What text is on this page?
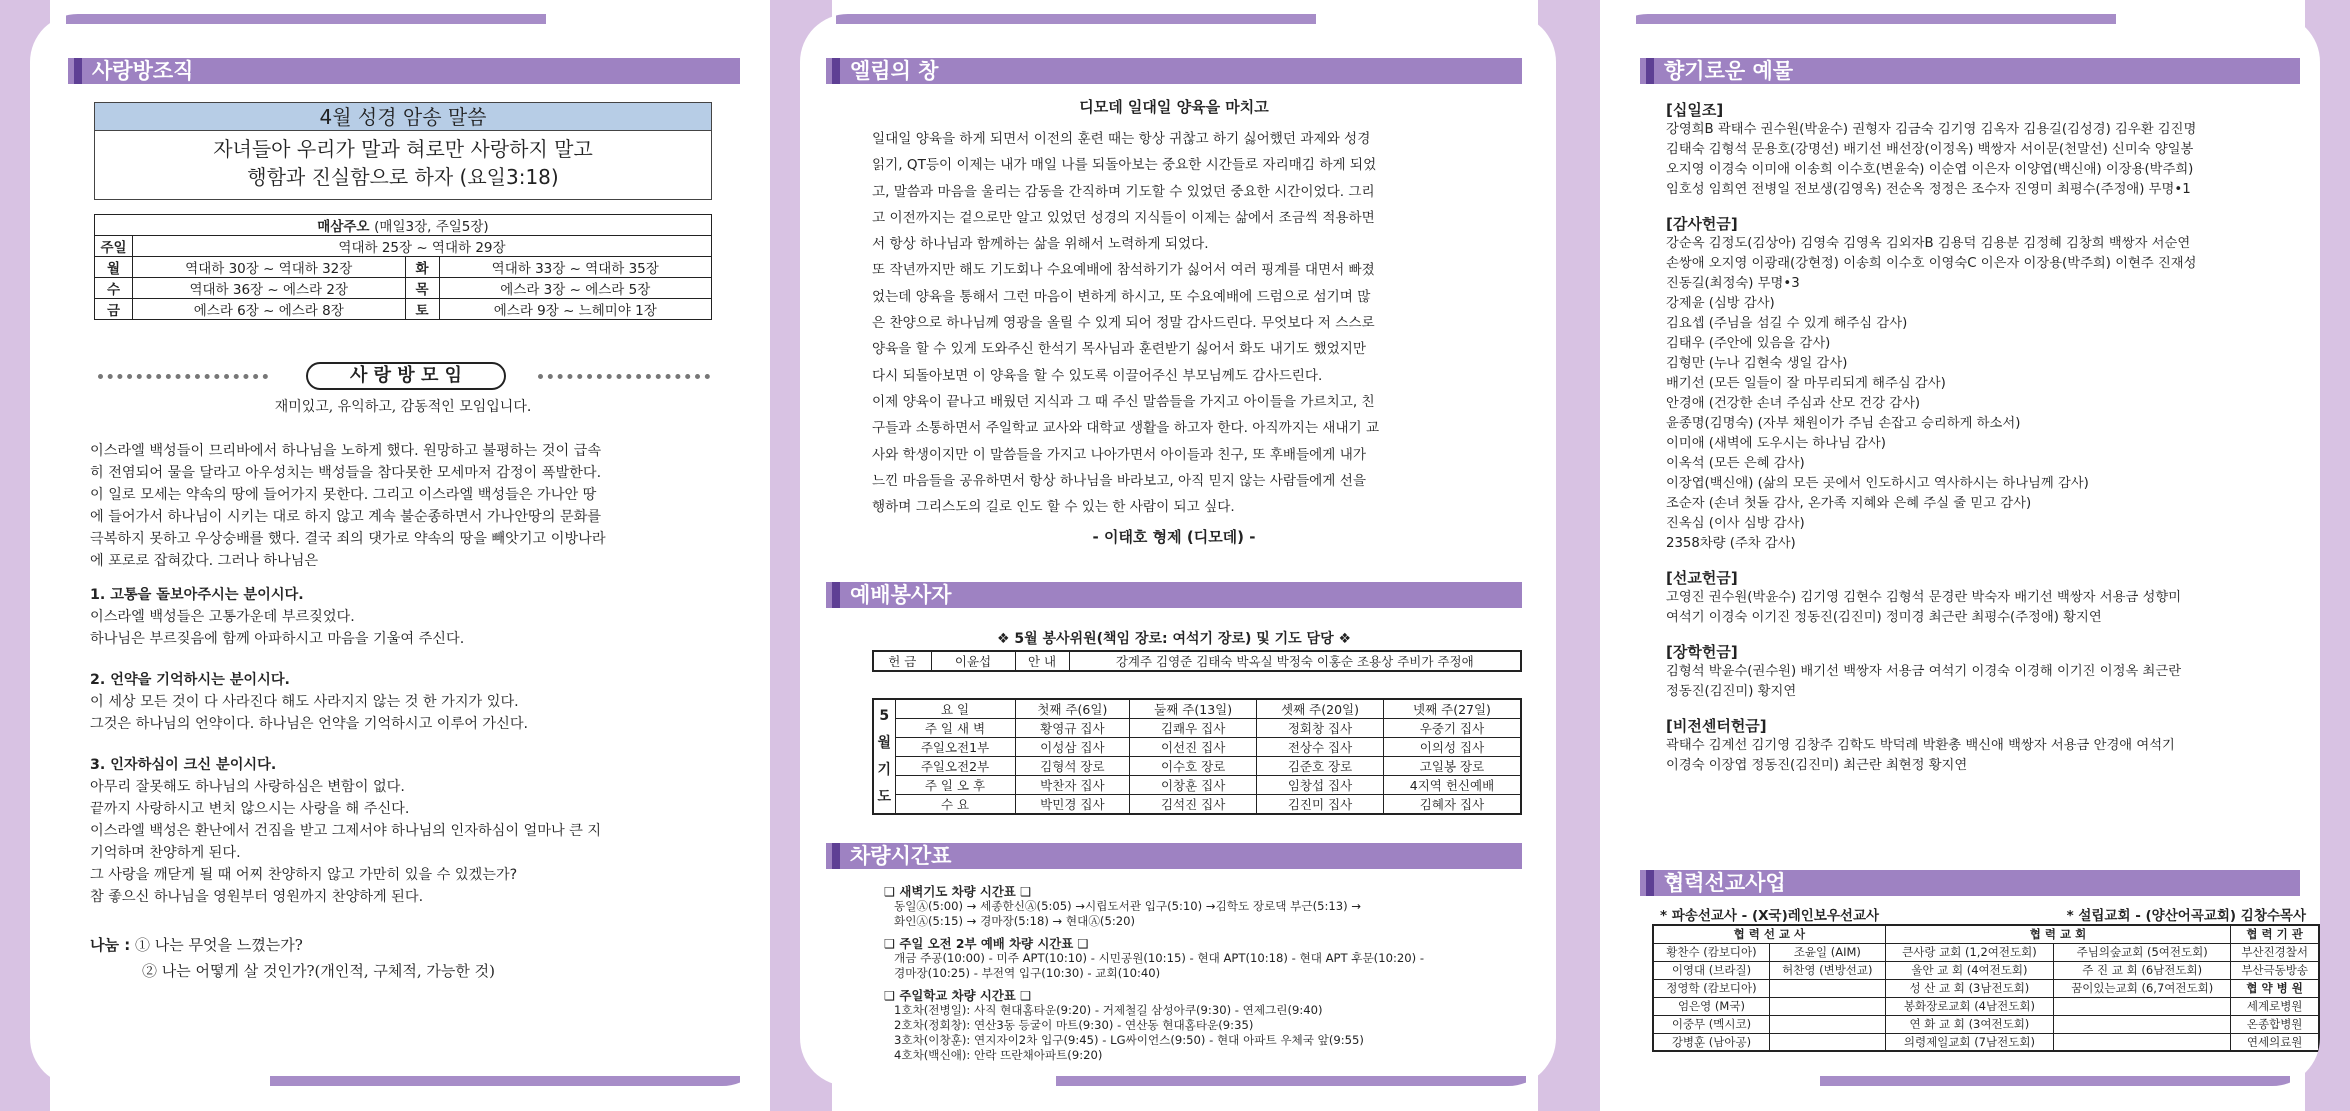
사랑방조직
4월 성경 암송 말씀
자녀들아 우리가 말과 혀로만 사랑하지 말고
행함과 진실함으로 하자 (요일3:18)
매삼주오 (매일3장, 주일5장)			
주일	역대하 25장 ~ 역대하 29장		
월	역대하 30장 ~ 역대하 32장	화	역대하 33장 ~ 역대하 35장
수	역대하 36장 ~ 에스라 2장	목	에스라 3장 ~ 에스라 5장
금	에스라 6장 ~ 에스라 8장	토	에스라 9장 ~ 느헤미야 1장
사 랑 방 모 임
재미있고, 유익하고, 감동적인 모임입니다.
이스라엘 백성들이 므리바에서 하나님을 노하게 했다. 원망하고 불평하는 것이 급속
히 전염되어 물을 달라고 아우성치는 백성들을 참다못한 모세마저 감정이 폭발한다.
이 일로 모세는 약속의 땅에 들어가지 못한다. 그리고 이스라엘 백성들은 가나안 땅
에 들어가서 하나님이 시키는 대로 하지 않고 계속 불순종하면서 가나안땅의 문화를
극복하지 못하고 우상숭배를 했다. 결국 죄의 댓가로 약속의 땅을 빼앗기고 이방나라
에 포로로 잡혀갔다. 그러나 하나님은
1. 고통을 돌보아주시는 분이시다.
이스라엘 백성들은 고통가운데 부르짖었다.
하나님은 부르짖음에 함께 아파하시고 마음을 기울여 주신다.
2. 언약을 기억하시는 분이시다.
이 세상 모든 것이 다 사라진다 해도 사라지지 않는 것 한 가지가 있다.
그것은 하나님의 언약이다. 하나님은 언약을 기억하시고 이루어 가신다.
3. 인자하심이 크신 분이시다.
아무리 잘못해도 하나님의 사랑하심은 변함이 없다.
끝까지 사랑하시고 변치 않으시는 사랑을 해 주신다.
이스라엘 백성은 환난에서 건짐을 받고 그제서야 하나님의 인자하심이 얼마나 큰 지
기억하며 찬양하게 된다.
그 사랑을 깨닫게 될 때 어찌 찬양하지 않고 가만히 있을 수 있겠는가?
참 좋으신 하나님을 영원부터 영원까지 찬양하게 된다.
나눔 : ① 나는 무엇을 느꼈는가?
② 나는 어떻게 살 것인가?(개인적, 구체적, 가능한 것)
엘림의 창
디모데 일대일 양육을 마치고
일대일 양육을 하게 되면서 이전의 훈련 때는 항상 귀찮고 하기 싫어했던 과제와 성경
읽기, QT등이 이제는 내가 매일 나를 되돌아보는 중요한 시간들로 자리매김 하게 되었
고, 말씀과 마음을 울리는 감동을 간직하며 기도할 수 있었던 중요한 시간이었다. 그리
고 이전까지는 겉으로만 알고 있었던 성경의 지식들이 이제는 삶에서 조금씩 적용하면
서 항상 하나님과 함께하는 삶을 위해서 노력하게 되었다.
또 작년까지만 해도 기도회나 수요예배에 참석하기가 싫어서 여러 핑계를 대면서 빠졌
었는데 양육을 통해서 그런 마음이 변하게 하시고, 또 수요예배에 드럼으로 섬기며 많
은 찬양으로 하나님께 영광을 올릴 수 있게 되어 정말 감사드린다. 무엇보다 저 스스로
양육을 할 수 있게 도와주신 한석기 목사님과 훈련받기 싫어서 화도 내기도 했었지만
다시 되돌아보면 이 양육을 할 수 있도록 이끌어주신 부모님께도 감사드린다.
이제 양육이 끝나고 배웠던 지식과 그 때 주신 말씀들을 가지고 아이들을 가르치고, 친
구들과 소통하면서 주일학교 교사와 대학교 생활을 하고자 한다. 아직까지는 새내기 교
사와 학생이지만 이 말씀들을 가지고 나아가면서 아이들과 친구, 또 후배들에게 내가
느낀 마음들을 공유하면서 항상 하나님을 바라보고, 아직 믿지 않는 사람들에게 선을
행하며 그리스도의 길로 인도 할 수 있는 한 사람이 되고 싶다.
- 이태호 형제 (디모데) -
예배봉사자
❖ 5월 봉사위원(책임 장로: 여석기 장로) 및 기도 담당 ❖
헌 금	이윤섭	안 내	강계주 김영준 김태숙 박옥실 박정숙 이홍순 조용상 주비가 주정애
5
월
기
도	요 일	첫째 주(6일)	둘째 주(13일)	셋째 주(20일)	넷째 주(27일)
	주 일 새 벽	황영규 집사	김쾌우 집사	정회창 집사	우중기 집사
	주일오전1부	이성삼 집사	이선진 집사	전상수 집사	이의성 집사
	주일오전2부	김형석 장로	이수호 장로	김준호 장로	고일봉 장로
	주 일 오 후	박찬자 집사	이창훈 집사	임창섭 집사	4지역 헌신예배
	수 요	박민경 집사	김석진 집사	김진미 집사	김혜자 집사
차량시간표
❑ 새벽기도 차량 시간표 ❑
동일Ⓐ(5:00) → 세종한신Ⓐ(5:05) →시립도서관 입구(5:10) →김학도 장로댁 부근(5:13) →
화인Ⓐ(5:15) → 경마장(5:18) → 현대Ⓐ(5:20)
❑ 주일 오전 2부 예배 차량 시간표 ❑
개금 주공(10:00) - 미주 APT(10:10) - 시민공원(10:15) - 현대 APT(10:18) - 현대 APT 후문(10:20) -
경마장(10:25) - 부전역 입구(10:30) - 교회(10:40)
❑ 주일학교 차량 시간표 ❑
1호차(전병일): 사직 현대홈타운(9:20) - 거제철길 삼성아쿠(9:30) - 연제그린(9:40)
2호차(정회창): 연산3동 등굴이 마트(9:30) - 연산동 현대홈타운(9:35)
3호차(이창훈): 연지자이2차 입구(9:45) - LG싸이언스(9:50) - 현대 아파트 우체국 앞(9:55)
4호차(백신애): 안락 뜨란채아파트(9:20)
향기로운 예물
[십일조]
강영희B 곽태수 권수원(박윤수) 권형자 김금숙 김기영 김옥자 김용길(김성경) 김우환 김진명
김태숙 김형석 문용호(강명선) 배기선 배선장(이정옥) 백쌍자 서이문(천말선) 신미숙 양일봉
오지영 이경숙 이미애 이송희 이수호(변윤숙) 이순엽 이은자 이양엽(백신애) 이장용(박주희)
임호성 임희연 전병일 전보생(김영옥) 전순옥 정정은 조수자 진영미 최평수(주정애) 무명•1
[감사헌금]
강순옥 김정도(김상아) 김영숙 김영옥 김외자B 김용덕 김용분 김정혜 김창희 백쌍자 서순연
손쌍애 오지영 이광래(강현정) 이송희 이수호 이영숙C 이은자 이장용(박주희) 이현주 진재성
진동길(최정숙) 무명•3
강제윤 (심방 감사)
김요셉 (주님을 섬길 수 있게 해주심 감사)
김태우 (주안에 있음을 감사)
김형만 (누나 김현숙 생일 감사)
배기선 (모든 일들이 잘 마무리되게 해주심 감사)
안경애 (건강한 손녀 주심과 산모 건강 감사)
윤종명(김명숙) (자부 채원이가 주님 손잡고 승리하게 하소서)
이미애 (새벽에 도우시는 하나님 감사)
이옥석 (모든 은혜 감사)
이장엽(백신애) (삶의 모든 곳에서 인도하시고 역사하시는 하나님께 감사)
조순자 (손녀 첫돌 감사, 온가족 지혜와 은혜 주실 줄 믿고 감사)
진옥심 (이사 심방 감사)
2358차량 (주차 감사)
[선교헌금]
고영진 권수원(박윤수) 김기영 김현수 김형석 문경란 박숙자 배기선 백쌍자 서용금 성향미
여석기 이경숙 이기진 정동진(김진미) 정미경 최근란 최평수(주정애) 황지연
[장학헌금]
김형석 박윤수(권수원) 배기선 백쌍자 서용금 여석기 이경숙 이경해 이기진 이정옥 최근란
정동진(김진미) 황지연
[비전센터헌금]
곽태수 김계선 김기영 김창주 김학도 박덕례 박환총 백신애 백쌍자 서용금 안경애 여석기
이경숙 이장엽 정동진(김진미) 최근란 최현정 황지연
협력선교사업
* 파송선교사 - (X국)레인보우선교사	* 설립교회 - (양산어곡교회) 김창수목사
협 력 선 교 사		협 력 교 회		협 력 기 관
황찬수 (캄보디아)	조윤일 (AIM)	큰사랑 교회 (1,2여전도회)	주님의숲교회 (5여전도회)	부산진경찰서
이영대 (브라질)	허찬영 (변방선교)	울안 교 회 (4여전도회)	주 진 교 회 (6남전도회)	부산극동방송
정영학 (캄보디아)		성 산 교 회 (3남전도회)	꿈이있는교회 (6,7여전도회)	협 약 병 원
엄은영 (M국)		봉화장로교회 (4남전도회)		세계로병원
이중무 (멕시코)		연 화 교 회 (3여전도회)		온종합병원
강병훈 (남아공)		의령제일교회 (7남전도회)		연세의료원
